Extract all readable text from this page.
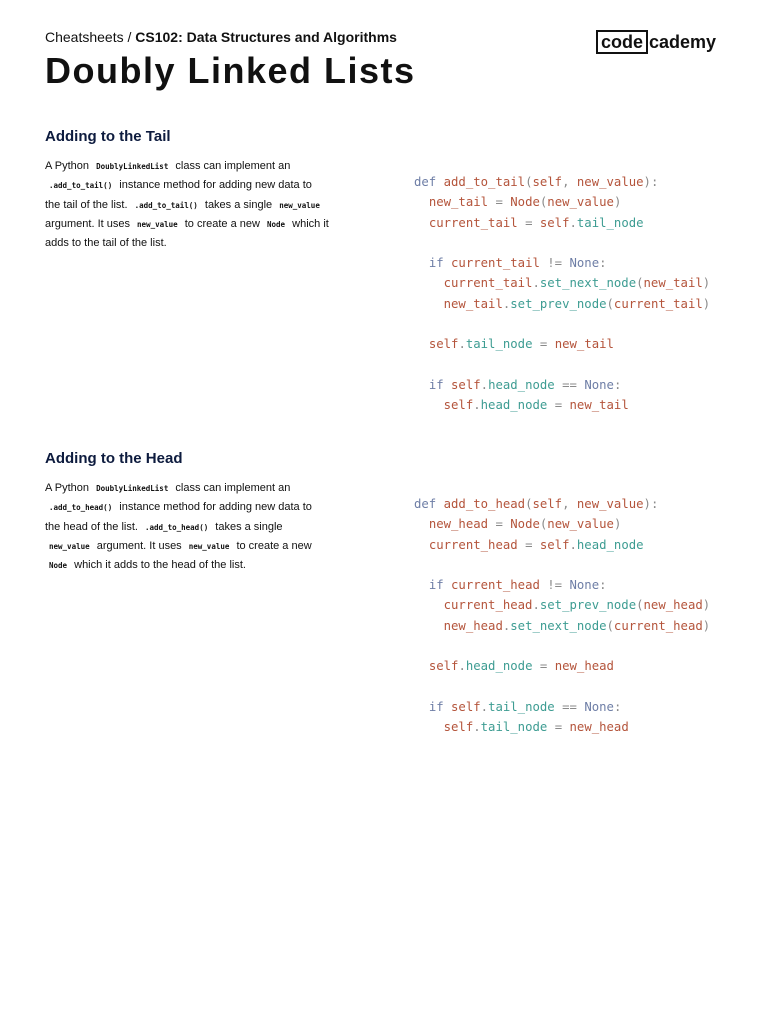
Cheatsheets / CS102: Data Structures and Algorithms

Doubly Linked Lists
code cademy
Adding to the Tail
A Python DoublyLinkedList class can implement an .add_to_tail() instance method for adding new data to the tail of the list. .add_to_tail() takes a single new_value argument. It uses new_value to create a new Node which it adds to the tail of the list.
def add_to_tail(self, new_value):
new_tail = Node(new_value)
current_tail = self.tail_node

if current_tail != None:
current_tail.set_next_node(new_tail)
new_tail.set_prev_node(current_tail)

self.tail_node = new_tail

if self.head_node == None:
self.head_node = new_tail
Adding to the Head
A Python DoublyLinkedList class can implement an .add_to_head() instance method for adding new data to the head of the list. .add_to_head() takes a single new_value argument. It uses new_value to create a new Node which it adds to the head of the list.
def add_to_head(self, new_value):
new_head = Node(new_value)
current_head = self.head_node

if current_head != None:
current_head.set_prev_node(new_head)
new_head.set_next_node(current_head)

self.head_node = new_head

if self.tail_node == None:
self.tail_node = new_head
